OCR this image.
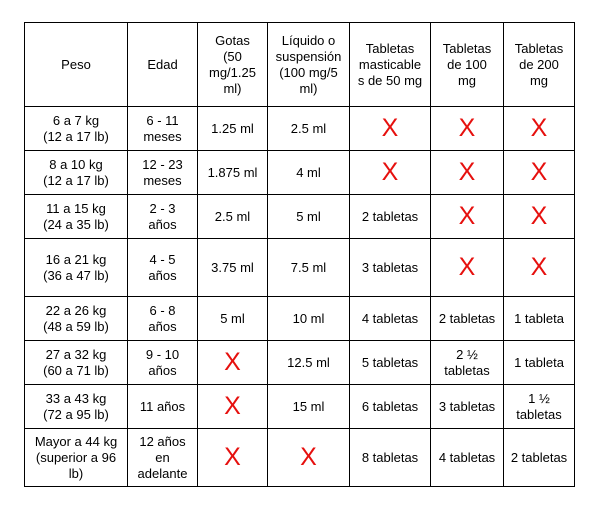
Peso	Edad	Gotas
(50
mg/1.25
ml)	Líquido o
suspensión
(100 mg/5
ml)	Tabletas
masticable
s de 50 mg	Tabletas
de 100
mg	Tabletas
de 200
mg
6 a 7 kg
(12 a 17 lb)	6 - 11
meses	1.25 ml	2.5 ml	X	X	X
8 a 10 kg
(12 a 17 lb)	12 - 23
meses	1.875 ml	4 ml	X	X	X
11 a 15 kg
(24 a 35 lb)	2 - 3
años	2.5 ml	5 ml	2 tabletas	X	X
16 a 21 kg
(36 a 47 lb)	4 - 5
años	3.75 ml	7.5 ml	3 tabletas	X	X
22 a 26 kg
(48 a 59 lb)	6 - 8
años	5 ml	10 ml	4 tabletas	2 tabletas	1 tableta
27 a 32 kg
(60 a 71 lb)	9 - 10
años	X	12.5 ml	5 tabletas	2 ½
tabletas	1 tableta
33 a 43 kg
(72 a 95 lb)	11 años	X	15 ml	6 tabletas	3 tabletas	1 ½
tabletas
Mayor a 44 kg
(superior a 96
lb)	12 años
en
adelante	X	X	8 tabletas	4 tabletas	2 tabletas
